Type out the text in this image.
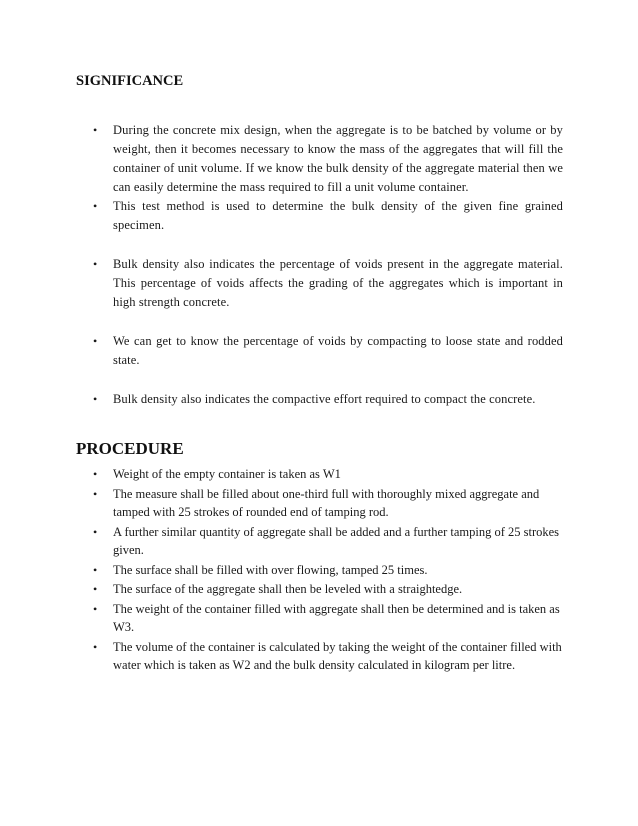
SIGNIFICANCE
• During the concrete mix design, when the aggregate is to be batched by volume or by weight, then it becomes necessary to know the mass of the aggregates that will fill the container of unit volume. If we know the bulk density of the aggregate material then we can easily determine the mass required to fill a unit volume container.
• This test method is used to determine the bulk density of the given fine grained specimen.
• Bulk density also indicates the percentage of voids present in the aggregate material. This percentage of voids affects the grading of the aggregates which is important in high strength concrete.
• We can get to know the percentage of voids by compacting to loose state and rodded state.
• Bulk density also indicates the compactive effort required to compact the concrete.
PROCEDURE
• Weight of the empty container is taken as W1
• The measure shall be filled about one-third full with thoroughly mixed aggregate and tamped with 25 strokes of rounded end of tamping rod.
• A further similar quantity of aggregate shall be added and a further tamping of 25 strokes given.
• The surface shall be filled with over flowing, tamped 25 times.
• The surface of the aggregate shall then be leveled with a straightedge.
• The weight of the container filled with aggregate shall then be determined and is taken as W3.
• The volume of the container is calculated by taking the weight of the container filled with water which is taken as W2 and the bulk density calculated in kilogram per litre.
